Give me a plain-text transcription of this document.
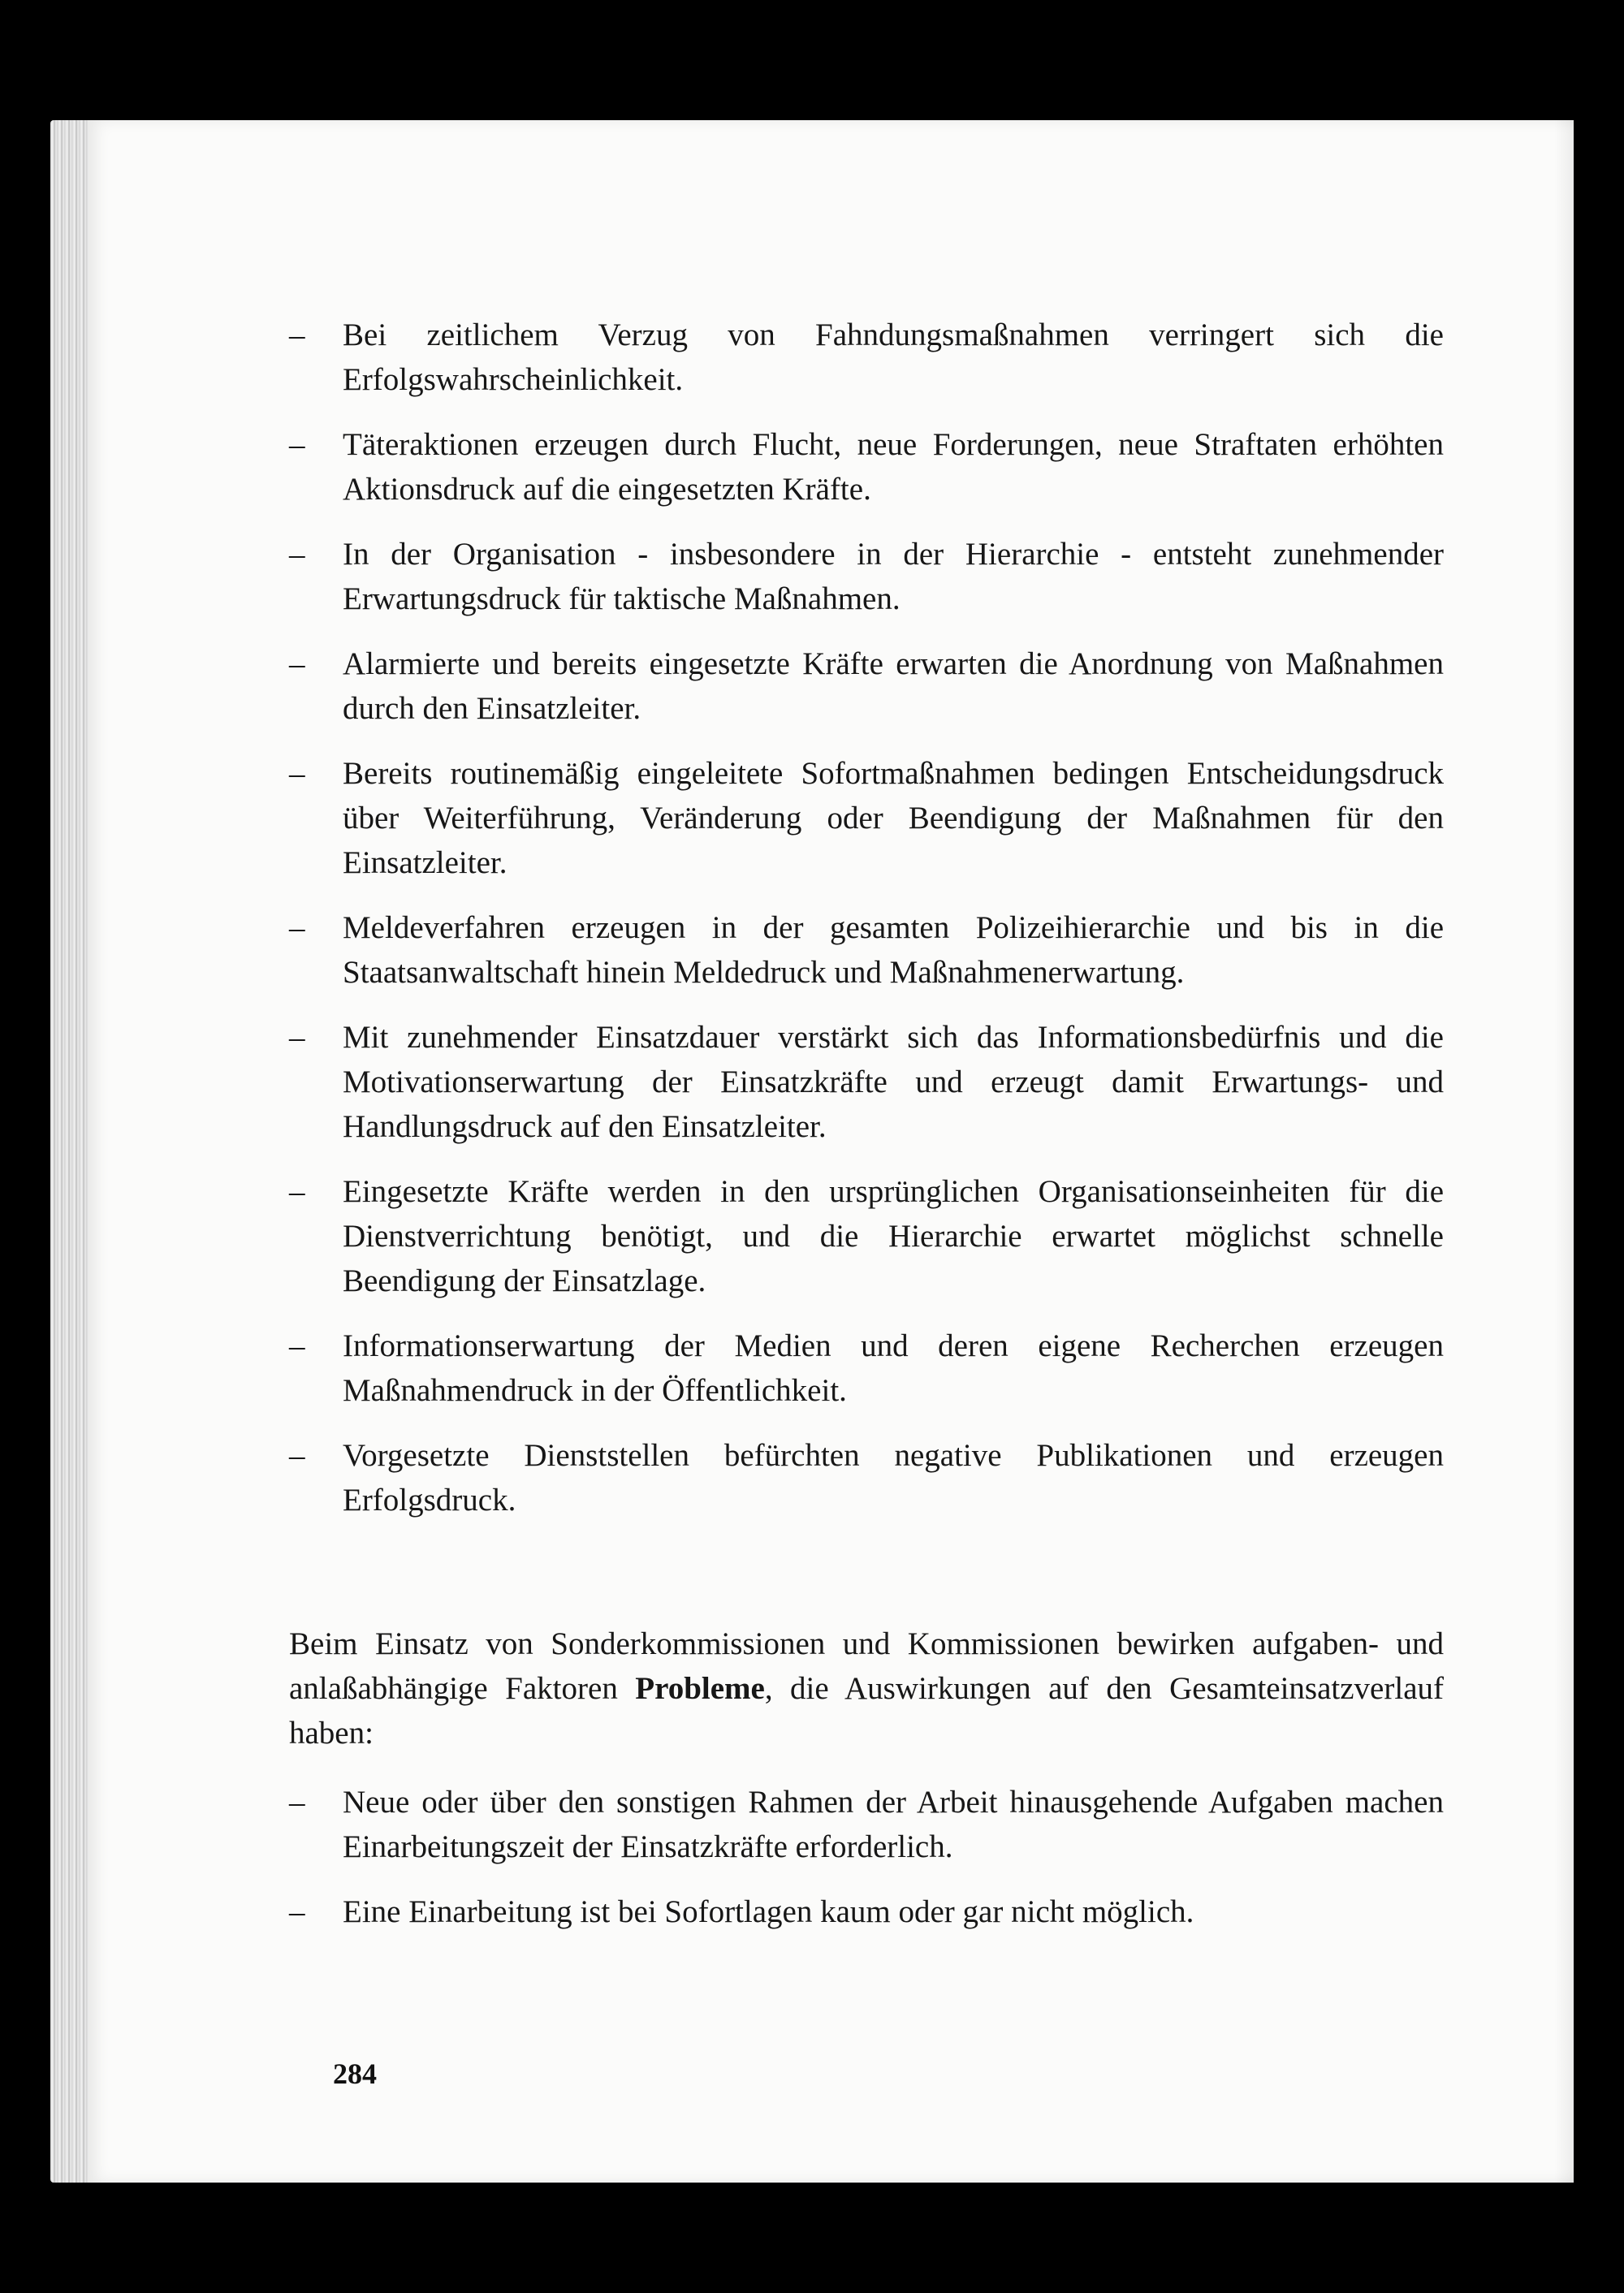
–	Bei zeitlichem Verzug von Fahndungsmaßnahmen verringert sich die Erfolgswahrscheinlichkeit.
–	Täteraktionen erzeugen durch Flucht, neue Forderungen, neue Straftaten erhöhten Aktionsdruck auf die eingesetzten Kräfte.
–	In der Organisation - insbesondere in der Hierarchie - entsteht zunehmender Erwartungsdruck für taktische Maßnahmen.
–	Alarmierte und bereits eingesetzte Kräfte erwarten die Anordnung von Maßnahmen durch den Einsatzleiter.
–	Bereits routinemäßig eingeleitete Sofortmaßnahmen bedingen Entscheidungsdruck über Weiterführung, Veränderung oder Beendigung der Maßnahmen für den Einsatzleiter.
–	Meldeverfahren erzeugen in der gesamten Polizeihierarchie und bis in die Staatsanwaltschaft hinein Meldedruck und Maßnahmenerwartung.
–	Mit zunehmender Einsatzdauer verstärkt sich das Informationsbedürfnis und die Motivationserwartung der Einsatzkräfte und erzeugt damit Erwartungs- und Handlungsdruck auf den Einsatzleiter.
–	Eingesetzte Kräfte werden in den ursprünglichen Organisationseinheiten für die Dienstverrichtung benötigt, und die Hierarchie erwartet möglichst schnelle Beendigung der Einsatzlage.
–	Informationserwartung der Medien und deren eigene Recherchen erzeugen Maßnahmendruck in der Öffentlichkeit.
–	Vorgesetzte Dienststellen befürchten negative Publikationen und erzeugen Erfolgsdruck.

Beim Einsatz von Sonderkommissionen und Kommissionen bewirken aufgaben- und anlaßabhängige Faktoren Probleme, die Auswirkungen auf den Gesamteinsatzverlauf haben:

–	Neue oder über den sonstigen Rahmen der Arbeit hinausgehende Aufgaben machen Einarbeitungszeit der Einsatzkräfte erforderlich.
–	Eine Einarbeitung ist bei Sofortlagen kaum oder gar nicht möglich.
284
